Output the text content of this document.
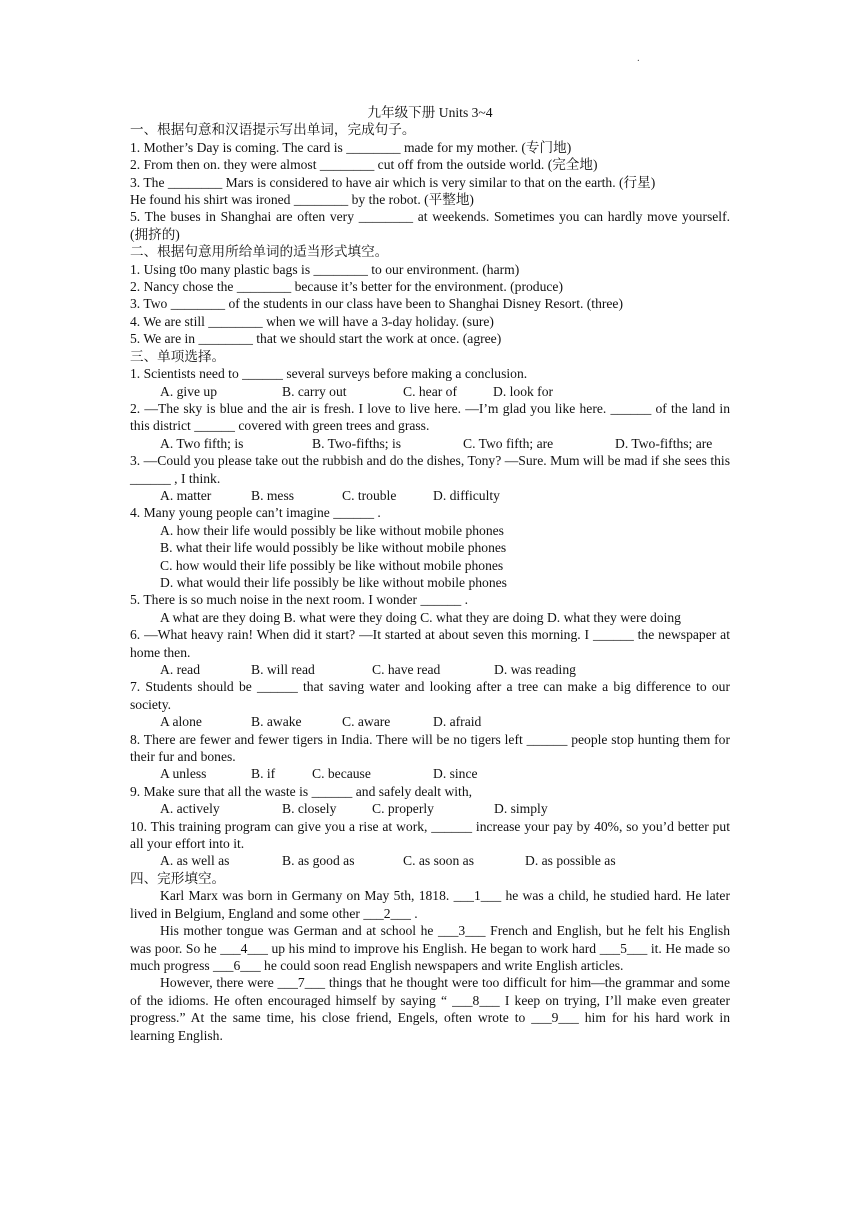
.

九年级下册 Units 3~4

一、根据句意和汉语提示写出单词，完成句子。

1. Mother’s Day is coming. The card is ________ made for my mother. (专门地)

2. From then on. they were almost ________ cut off from the outside world. (完全地)

3. The ________ Mars is considered to have air which is very similar to that on the earth. (行星)

He found his shirt was ironed ________ by the robot. (平整地)

5. The buses in Shanghai are often very ________ at weekends. Sometimes you can hardly move yourself. (拥挤的)

二、根据句意用所给单词的适当形式填空。

1. Using t0o many plastic bags is ________ to our environment. (harm)

2. Nancy chose the ________ because it’s better for the environment. (produce)

3. Two ________ of the students in our class have been to Shanghai Disney Resort. (three)

4. We are still ________ when we will have a 3-day holiday. (sure)

5. We are in ________ that we should start the work at once. (agree)

三、单项选择。

1. Scientists need to ______ several surveys before making a conclusion.

A. give up	B. carry out	C. hear of	D. look for

2. —The sky is blue and the air is fresh. I love to live here. —I’m glad you like here. ______ of the land in this district ______ covered with green trees and grass.

A. Two fifth; is	B. Two-fifths; is	C. Two fifth; are	D. Two-fifths; are

3. —Could you please take out the rubbish and do the dishes, Tony? —Sure. Mum will be mad if she sees this ______ , I think.

A. matter	B. mess	C. trouble	D. difficulty

4. Many young people can’t imagine ______ .

A. how their life would possibly be like without mobile phones

B. what their life would possibly be like without mobile phones

C. how would their life possibly be like without mobile phones

D. what would their life possibly be like without mobile phones

5. There is so much noise in the next room. I wonder ______ .

A what are they doing B. what were they doing C. what they are doing D. what they were doing

6. —What heavy rain! When did it start? —It started at about seven this morning. I ______ the newspaper at home then.

A. read	B. will read	C. have read	D. was reading

7. Students should be ______ that saving water and looking after a tree can make a big difference to our society.

A alone	B. awake	C. aware	D. afraid

8. There are fewer and fewer tigers in India. There will be no tigers left ______ people stop hunting them for their fur and bones.

A unless	B. if	C. because	D. since

9. Make sure that all the waste is ______ and safely dealt with,

A. actively	B. closely	C. properly	D. simply

10. This training program can give you a rise at work, ______ increase your pay by 40%, so you’d better put all your effort into it.

A. as well as	B. as good as	C. as soon as	D. as possible as

四、完形填空。

Karl Marx was born in Germany on May 5th, 1818. ___1___ he was a child, he studied hard. He later lived in Belgium, England and some other ___2___ .

His mother tongue was German and at school he ___3___ French and English, but he felt his English was poor. So he ___4___ up his mind to improve his English. He began to work hard ___5___ it. He made so much progress ___6___ he could soon read English newspapers and write English articles.

However, there were ___7___ things that he thought were too difficult for him—the grammar and some of the idioms. He often encouraged himself by saying “ ___8___ I keep on trying, I’ll make even greater progress.” At the same time, his close friend, Engels, often wrote to ___9___ him for his hard work in learning English.
